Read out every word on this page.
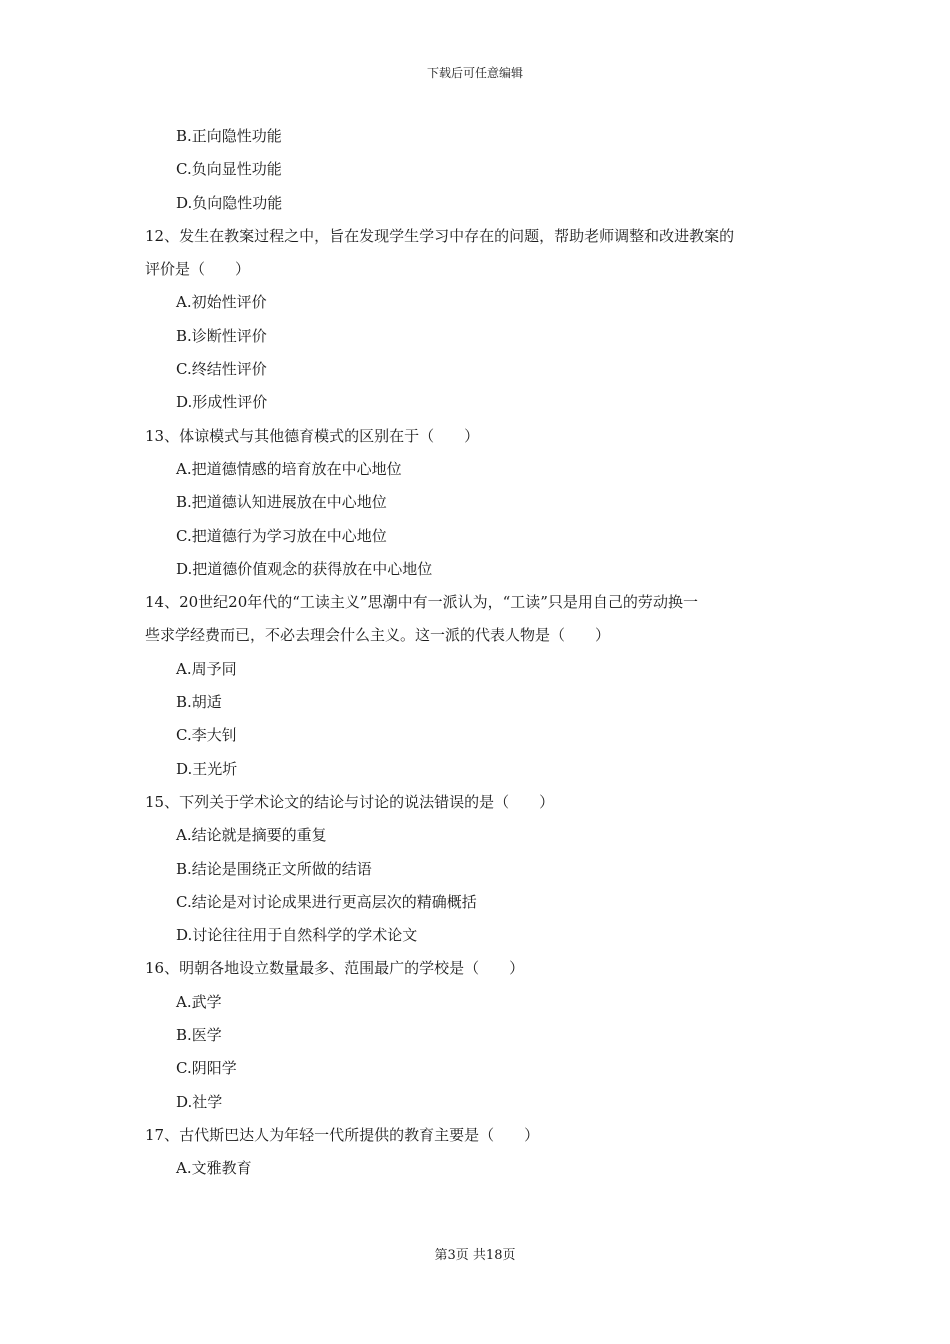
下载后可任意编辑
B.正向隐性功能
C.负向显性功能
D.负向隐性功能
12、发生在教案过程之中，旨在发现学生学习中存在的问题，帮助老师调整和改进教案的
评价是（　　）
A.初始性评价
B.诊断性评价
C.终结性评价
D.形成性评价
13、体谅模式与其他德育模式的区别在于（　　）
A.把道德情感的培育放在中心地位
B.把道德认知进展放在中心地位
C.把道德行为学习放在中心地位
D.把道德价值观念的获得放在中心地位
14、20世纪20年代的“工读主义”思潮中有一派认为，“工读”只是用自己的劳动换一
些求学经费而已，不必去理会什么主义。这一派的代表人物是（　　）
A.周予同
B.胡适
C.李大钊
D.王光圻
15、下列关于学术论文的结论与讨论的说法错误的是（　　）
A.结论就是摘要的重复
B.结论是围绕正文所做的结语
C.结论是对讨论成果进行更高层次的精确概括
D.讨论往往用于自然科学的学术论文
16、明朝各地设立数量最多、范围最广的学校是（　　）
A.武学
B.医学
C.阴阳学
D.社学
17、古代斯巴达人为年轻一代所提供的教育主要是（　　）
A.文雅教育
第3页 共18页
